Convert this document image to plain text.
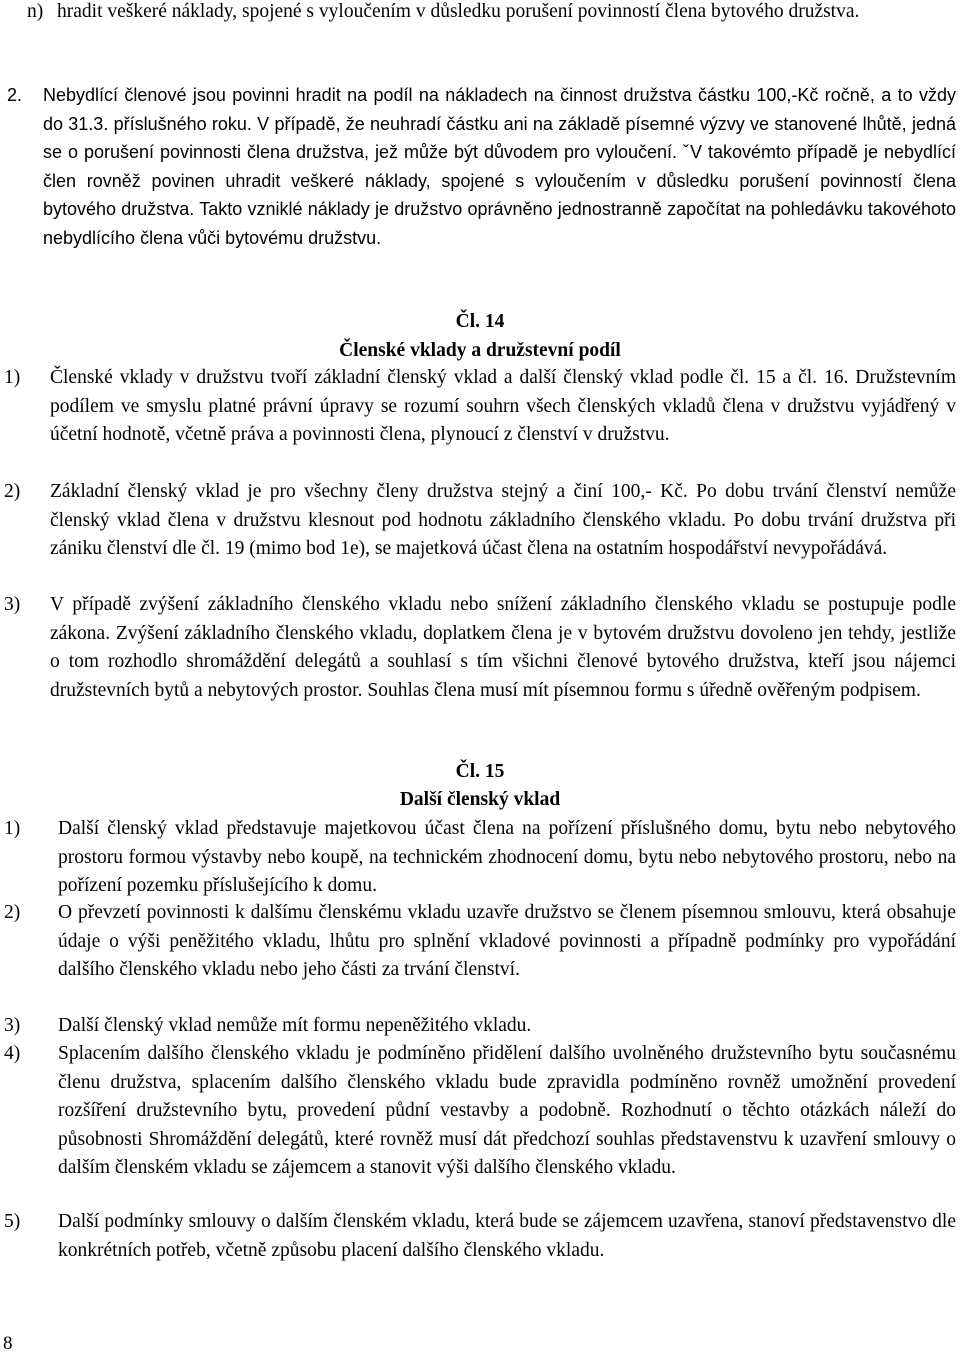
n) hradit veškeré náklady, spojené s vyloučením v důsledku porušení povinností člena bytového družstva.

2. Nebydlící členové jsou povinni hradit na podíl na nákladech na činnost družstva částku 100,-Kč ročně, a to vždy do 31.3. příslušného roku. V případě, že neuhradí částku ani na základě písemné výzvy ve stanovené lhůtě, jedná se o porušení povinnosti člena družstva, jež může být důvodem pro vyloučení. ˇV takovémto případě je nebydlící člen rovněž povinen uhradit veškeré náklady, spojené s vyloučením v důsledku porušení povinností člena bytového družstva. Takto vzniklé náklady je družstvo oprávněno jednostranně započítat na pohledávku takovéhoto nebydlícího člena vůči bytovému družstvu.

Čl. 14
Členské vklady a družstevní podíl
1) Členské vklady v družstvu tvoří základní členský vklad a další členský vklad podle čl. 15 a čl. 16. Družstevním podílem ve smyslu platné právní úpravy se rozumí souhrn všech členských vkladů člena v družstvu vyjádřený v účetní hodnotě, včetně práva a povinnosti člena, plynoucí z členství v družstvu.

2) Základní členský vklad je pro všechny členy družstva stejný a činí 100,- Kč. Po dobu trvání členství nemůže členský vklad člena v družstvu klesnout pod hodnotu základního členského vkladu. Po dobu trvání družstva při zániku členství dle čl. 19 (mimo bod 1e), se majetková účast člena na ostatním hospodářství nevypořádává.

3) V případě zvýšení základního členského vkladu nebo snížení základního členského vkladu se postupuje podle zákona. Zvýšení základního členského vkladu, doplatkem člena je v bytovém družstvu dovoleno jen tehdy, jestliže o tom rozhodlo shromáždění delegátů a souhlasí s tím všichni členové bytového družstva, kteří jsou nájemci družstevních bytů a nebytových prostor. Souhlas člena musí mít písemnou formu s úředně ověřeným podpisem.

Čl. 15
Další členský vklad
1) Další členský vklad představuje majetkovou účast člena na pořízení příslušného domu, bytu nebo nebytového prostoru formou výstavby nebo koupě, na technickém zhodnocení domu, bytu nebo nebytového prostoru, nebo na pořízení pozemku příslušejícího k domu.

2) O převzetí povinnosti k dalšímu členskému vkladu uzavře družstvo se členem písemnou smlouvu, která obsahuje údaje o výši peněžitého vkladu, lhůtu pro splnění vkladové povinnosti a případně podmínky pro vypořádání dalšího členského vkladu nebo jeho části za trvání členství.

3) Další členský vklad nemůže mít formu nepeněžitého vkladu.

4) Splacením dalšího členského vkladu je podmíněno přidělení dalšího uvolněného družstevního bytu současnému členu družstva, splacením dalšího členského vkladu bude zpravidla podmíněno rovněž umožnění provedení rozšíření družstevního bytu, provedení půdní vestavby a podobně. Rozhodnutí o těchto otázkách náleží do působnosti Shromáždění delegátů, které rovněž musí dát předchozí souhlas představenstvu k uzavření smlouvy o dalším členském vkladu se zájemcem a stanovit výši dalšího členského vkladu.

5) Další podmínky smlouvy o dalším členském vkladu, která bude se zájemcem uzavřena, stanoví představenstvo dle konkrétních potřeb, včetně způsobu placení dalšího členského vkladu.

8
